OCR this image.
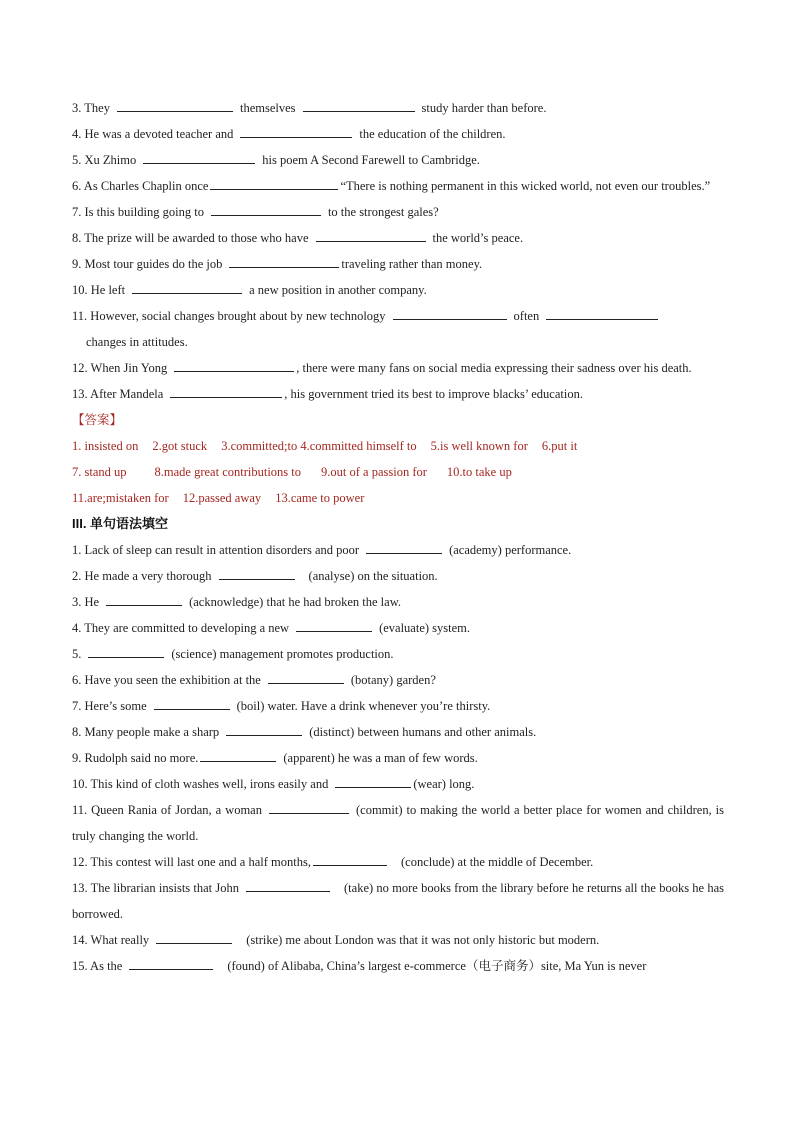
3. They	themselves	study harder than before.
4. He was a devoted teacher and	the education of the children.
5. Xu Zhimo	his poem A Second Farewell to Cambridge.
6. As Charles Chaplin once	“There is nothing permanent in this wicked world, not even our troubles.”
7. Is this building going to	to the strongest gales?
8. The prize will be awarded to those who have	the world’s peace.
9. Most tour guides do the job	traveling rather than money.
10. He left	a new position in another company.
11. However, social changes brought about by new technology	often
changes in attitudes.
12. When Jin Yong	, there were many fans on social media expressing their sadness over his death.
13. After Mandela	, his government tried its best to improve blacks’ education.
【答案】
1. insisted on 2.got stuck 3.committed;to 4.committed himself to 5.is well known for 6.put it
7. stand up 8.made great contributions to 9.out of a passion for 10.to take up
11.are;mistaken for 12.passed away 13.came to power
III. 单句语法填空
1. Lack of sleep can result in attention disorders and poor	(academy) performance.
2. He made a very thorough	(analyse) on the situation.
3. He	(acknowledge) that he had broken the law.
4. They are committed to developing a new	(evaluate) system.
5.	(science) management promotes production.
6. Have you seen the exhibition at the	(botany) garden?
7. Here’s some	(boil) water. Have a drink whenever you’re thirsty.
8. Many people make a sharp	(distinct) between humans and other animals.
9. Rudolph said no more.	(apparent) he was a man of few words.
10. This kind of cloth washes well, irons easily and	(wear) long.
11. Queen Rania of Jordan, a woman	(commit) to making the world a better place for women and children, is truly changing the world.
12. This contest will last one and a half months,	(conclude) at the middle of December.
13. The librarian insists that John	(take) no more books from the library before he returns all the books he has borrowed.
14. What really	(strike) me about London was that it was not only historic but modern.
15. As the	(found) of Alibaba, China’s largest e-commerce（电子商务）site, Ma Yun is never
